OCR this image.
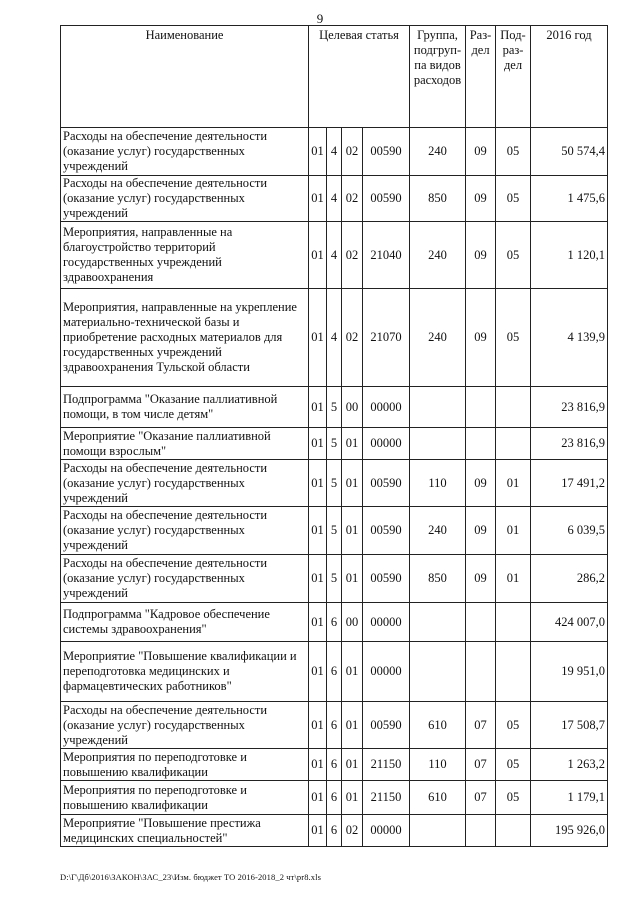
9
Наименование	Целевая статья				Группа, подгруп- па видов расходов	Раз- дел	Под- раз- дел	2016 год
Расходы на обеспечение деятельности (оказание услуг) государственных учреждений	01	4	02	00590	240	09	05	50 574,4
Расходы на обеспечение деятельности (оказание услуг) государственных учреждений	01	4	02	00590	850	09	05	1 475,6
Мероприятия, направленные на благоустройство территорий государственных учреждений здравоохранения	01	4	02	21040	240	09	05	1 120,1
Мероприятия, направленные на укрепление материально-технической базы и приобретение расходных материалов для государственных учреждений здравоохранения Тульской области	01	4	02	21070	240	09	05	4 139,9
Подпрограмма "Оказание паллиативной помощи, в том числе детям"	01	5	00	00000				23 816,9
Мероприятие "Оказание паллиативной помощи взрослым"	01	5	01	00000				23 816,9
Расходы на обеспечение деятельности (оказание услуг) государственных учреждений	01	5	01	00590	110	09	01	17 491,2
Расходы на обеспечение деятельности (оказание услуг) государственных учреждений	01	5	01	00590	240	09	01	6 039,5
Расходы на обеспечение деятельности (оказание услуг) государственных учреждений	01	5	01	00590	850	09	01	286,2
Подпрограмма "Кадровое обеспечение системы здравоохранения"	01	6	00	00000				424 007,0
Мероприятие "Повышение квалификации и переподготовка медицинских и фармацевтических работников"	01	6	01	00000				19 951,0
Расходы на обеспечение деятельности (оказание услуг) государственных учреждений	01	6	01	00590	610	07	05	17 508,7
Мероприятия по переподготовке и повышению квалификации	01	6	01	21150	110	07	05	1 263,2
Мероприятия по переподготовке и повышению квалификации	01	6	01	21150	610	07	05	1 179,1
Мероприятие "Повышение престижа медицинских специальностей"	01	6	02	00000				195 926,0
D:\Г\Дб\2016\ЗАКОН\ЗАС_23\Изм. бюджет ТО 2016-2018_2 чт\pr8.xls
